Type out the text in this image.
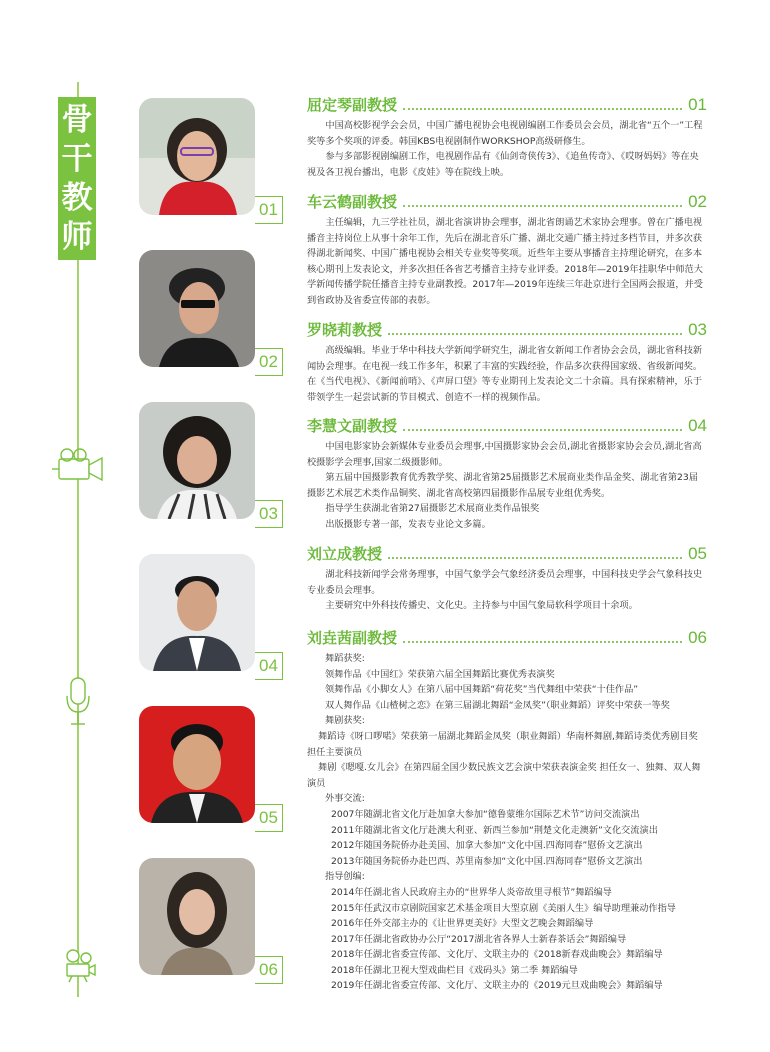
骨
干
教
师
01
02
03
04
05
06
屈定琴副教授	01

中国高校影视学会会员，中国广播电视协会电视剧编剧工作委员会会员，湖北省“五个一”工程奖等多个奖项的评委。韩国KBS电视剧制作WORKSHOP高级研修生。

参与多部影视剧编剧工作，电视剧作品有《仙剑奇侠传3》、《追鱼传奇》、《哎呀妈妈》等在央视及各卫视台播出，电影《皮娃》等在院线上映。

车云鹤副教授	02

主任编辑，九三学社社员，湖北省演讲协会理事，湖北省朗诵艺术家协会理事。曾在广播电视播音主持岗位上从事十余年工作，先后在湖北音乐广播、湖北交通广播主持过多档节目，并多次获得湖北新闻奖、中国广播电视协会相关专业奖等奖项。近些年主要从事播音主持理论研究，在多本核心期刊上发表论文，并多次担任各省艺考播音主持专业评委。2018年—2019年挂职华中师范大学新闻传播学院任播音主持专业副教授。2017年—2019年连续三年赴京进行全国两会报道，并受到省政协及省委宣传部的表彰。

罗晓莉教授	03

高级编辑。毕业于华中科技大学新闻学研究生，湖北省女新闻工作者协会会员，湖北省科技新闻协会理事。在电视一线工作多年，积累了丰富的实践经验，作品多次获得国家级、省级新闻奖。在《当代电视》、《新闻前哨》、《声屏口望》等专业期刊上发表论文二十余篇。具有探索精神，乐于带领学生一起尝试新的节目模式、创造不一样的视频作品。

李慧文副教授	04

中国电影家协会新媒体专业委员会理事,中国摄影家协会会员,湖北省摄影家协会会员,湖北省高校摄影学会理事,国家二级摄影师。

第五届中国摄影教育优秀教学奖、湖北省第25届摄影艺术展商业类作品金奖、湖北省第23届摄影艺术展艺术类作品铜奖、湖北省高校第四届摄影作品展专业组优秀奖。

指导学生获湖北省第27届摄影艺术展商业类作品银奖

出版摄影专著一部，发表专业论文多篇。

刘立成教授	05

湖北科技新闻学会常务理事，中国气象学会气象经济委员会理事，中国科技史学会气象科技史专业委员会理事。

主要研究中外科技传播史、文化史。主持参与中国气象局软科学项目十余项。

刘垚茜副教授	06

舞蹈获奖:

领舞作品《中国红》荣获第六届全国舞蹈比赛优秀表演奖

领舞作品《小脚女人》在第八届中国舞蹈“荷花奖”当代舞组中荣获“十佳作品”

双人舞作品《山楂树之恋》在第三届湖北舞蹈“金凤奖”（职业舞蹈）评奖中荣获一等奖

舞剧获奖:

舞蹈诗《呀口啰喏》荣获第一届湖北舞蹈金凤奖（职业舞蹈）华南杯舞剧,舞蹈诗类优秀剧目奖 担任主要演员

舞剧《嗯嘎.女儿会》在第四届全国少数民族文艺会演中荣获表演金奖 担任女一、独舞、双人舞演员

外事交流:

2007年随湖北省文化厅赴加拿大参加“德鲁蒙维尔国际艺术节”访问交流演出

2011年随湖北省文化厅赴澳大利亚、新西兰参加“荆楚文化走澳新”文化交流演出

2012年随国务院侨办赴美国、加拿大参加“文化中国.四海同春”慰侨文艺演出

2013年随国务院侨办赴巴西、苏里南参加“文化中国.四海同春”慰侨文艺演出

指导创编:

2014年任湖北省人民政府主办的“世界华人炎帝故里寻根节”舞蹈编导

2015年任武汉市京剧院国家艺术基金项目大型京剧《美丽人生》编导助理兼动作指导

2016年任外交部主办的《让世界更美好》大型文艺晚会舞蹈编导

2017年任湖北省政协办公厅“2017湖北省各界人士新春茶话会”舞蹈编导

2018年任湖北省委宣传部、文化厅、文联主办的《2018新春戏曲晚会》舞蹈编导

2018年任湖北卫视大型戏曲栏目《戏码头》第二季 舞蹈编导

2019年任湖北省委宣传部、文化厅、文联主办的《2019元旦戏曲晚会》舞蹈编导
